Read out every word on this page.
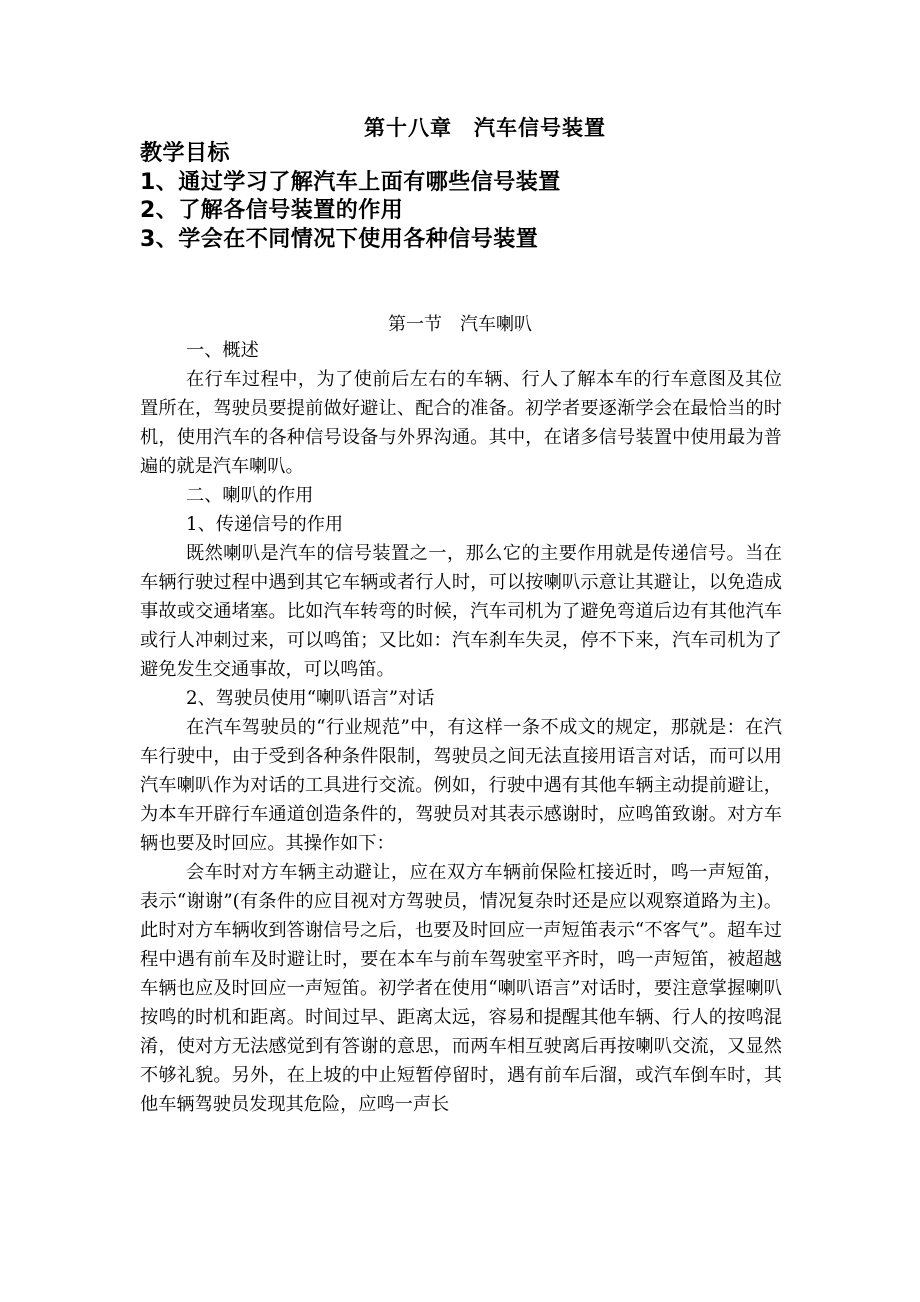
第十八章　汽车信号装置
教学目标
1、通过学习了解汽车上面有哪些信号装置
2、了解各信号装置的作用
3、学会在不同情况下使用各种信号装置
第一节　汽车喇叭

一、概述

在行车过程中，为了使前后左右的车辆、行人了解本车的行车意图及其位置所在，驾驶员要提前做好避让、配合的准备。初学者要逐渐学会在最恰当的时机，使用汽车的各种信号设备与外界沟通。其中，在诸多信号装置中使用最为普遍的就是汽车喇叭。

二、喇叭的作用

1、传递信号的作用

既然喇叭是汽车的信号装置之一，那么它的主要作用就是传递信号。当在车辆行驶过程中遇到其它车辆或者行人时，可以按喇叭示意让其避让，以免造成事故或交通堵塞。比如汽车转弯的时候，汽车司机为了避免弯道后边有其他汽车或行人冲刺过来，可以鸣笛；又比如：汽车刹车失灵，停不下来，汽车司机为了避免发生交通事故，可以鸣笛。

2、驾驶员使用“喇叭语言”对话

在汽车驾驶员的“行业规范”中，有这样一条不成文的规定，那就是：在汽车行驶中，由于受到各种条件限制，驾驶员之间无法直接用语言对话，而可以用汽车喇叭作为对话的工具进行交流。例如，行驶中遇有其他车辆主动提前避让，为本车开辟行车通道创造条件的，驾驶员对其表示感谢时，应鸣笛致谢。对方车辆也要及时回应。其操作如下：

会车时对方车辆主动避让，应在双方车辆前保险杠接近时，鸣一声短笛，表示“谢谢”(有条件的应目视对方驾驶员，情况复杂时还是应以观察道路为主)。此时对方车辆收到答谢信号之后，也要及时回应一声短笛表示“不客气”。超车过程中遇有前车及时避让时，要在本车与前车驾驶室平齐时，鸣一声短笛，被超越车辆也应及时回应一声短笛。初学者在使用“喇叭语言”对话时，要注意掌握喇叭按鸣的时机和距离。时间过早、距离太远，容易和提醒其他车辆、行人的按鸣混淆，使对方无法感觉到有答谢的意思，而两车相互驶离后再按喇叭交流，又显然不够礼貌。另外，在上坡的中止短暂停留时，遇有前车后溜，或汽车倒车时，其他车辆驾驶员发现其危险，应鸣一声长
